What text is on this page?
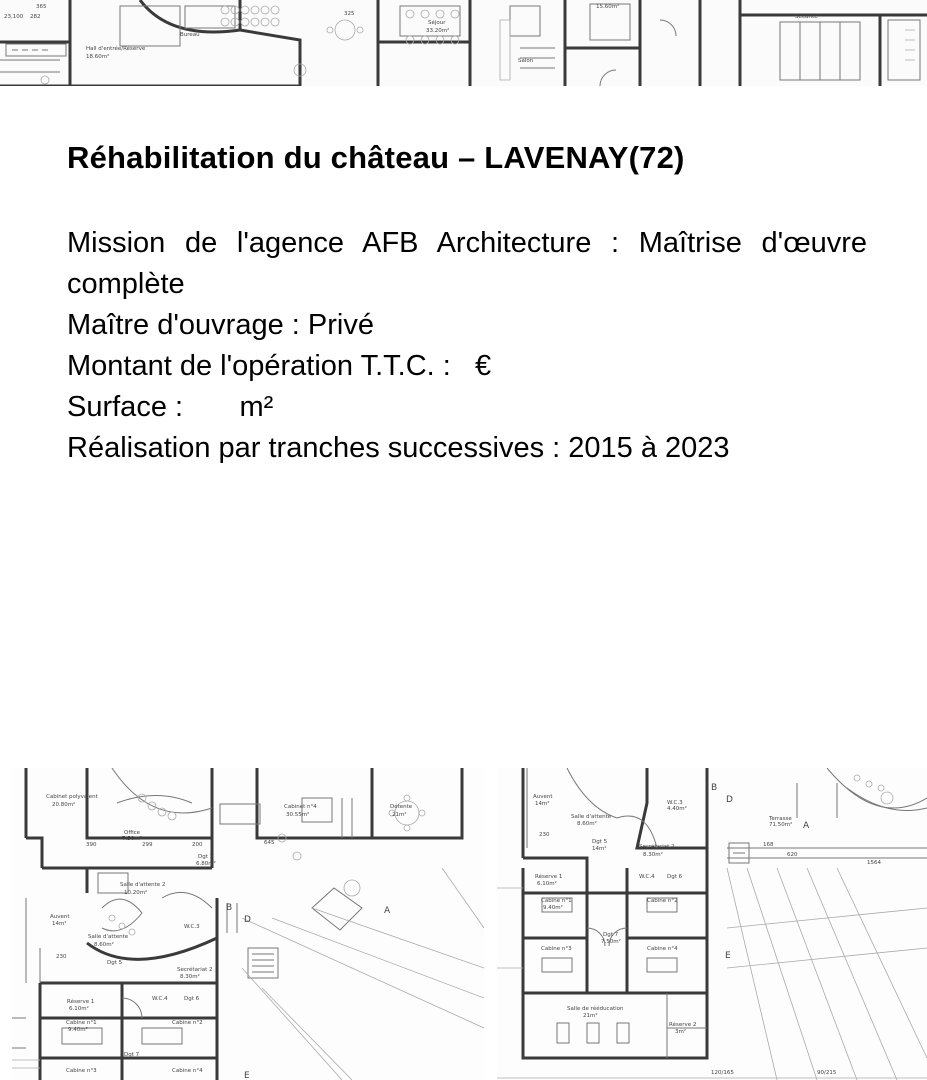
Séjour
33.20m²
Salon
Hall d'entrée/Réserve
18.60m²
Bureau
325
282
23,100
365	15.60m²
Sécurité
Réhabilitation du château – LAVENAY(72)
Mission de l'agence AFB Architecture : Maîtrise d'œuvre complète
Maître d'ouvrage : Privé
Montant de l'opération T.T.C. :   €
Surface :       m²
Réalisation par tranches successives : 2015 à 2023
Cabinet polyvalent
20.80m²
Office
7.50m²
Cabinet n°4
30.55m²
Détente
21m²
Salle d'attente 2
10.20m²
Dgt 3
6.80m²
Auvent
14m²
Salle d'attente
8.60m²
W.C.3
Secrétariat 2
8.30m²
Dgt 5
Réserve 1
6.10m²
W.C.4	Dgt 6
Cabine n°1
9.40m²
Cabine n°2
Dgt 7
Cabine n°3	Cabine n°4
390	299	200	645
230
A
B
D
E
Auvent
14m²
Salle d'attente
8.60m²
W.C.3
4.40m²
Terrasse
71.50m²
Dgt 5
14m²	Secrétariat 2
8.30m²
Réserve 1
6.10m²
W.C.4 Dgt 6
Cabine n°1
9.40m²
Cabine n°2
Dgt 7
7.50m²
Cabine n°3	Cabine n°4
Salle de rééducation
21m²
Réserve 2
3m²
230
168
620
1564
120/165	90/215
A
B
D
E
